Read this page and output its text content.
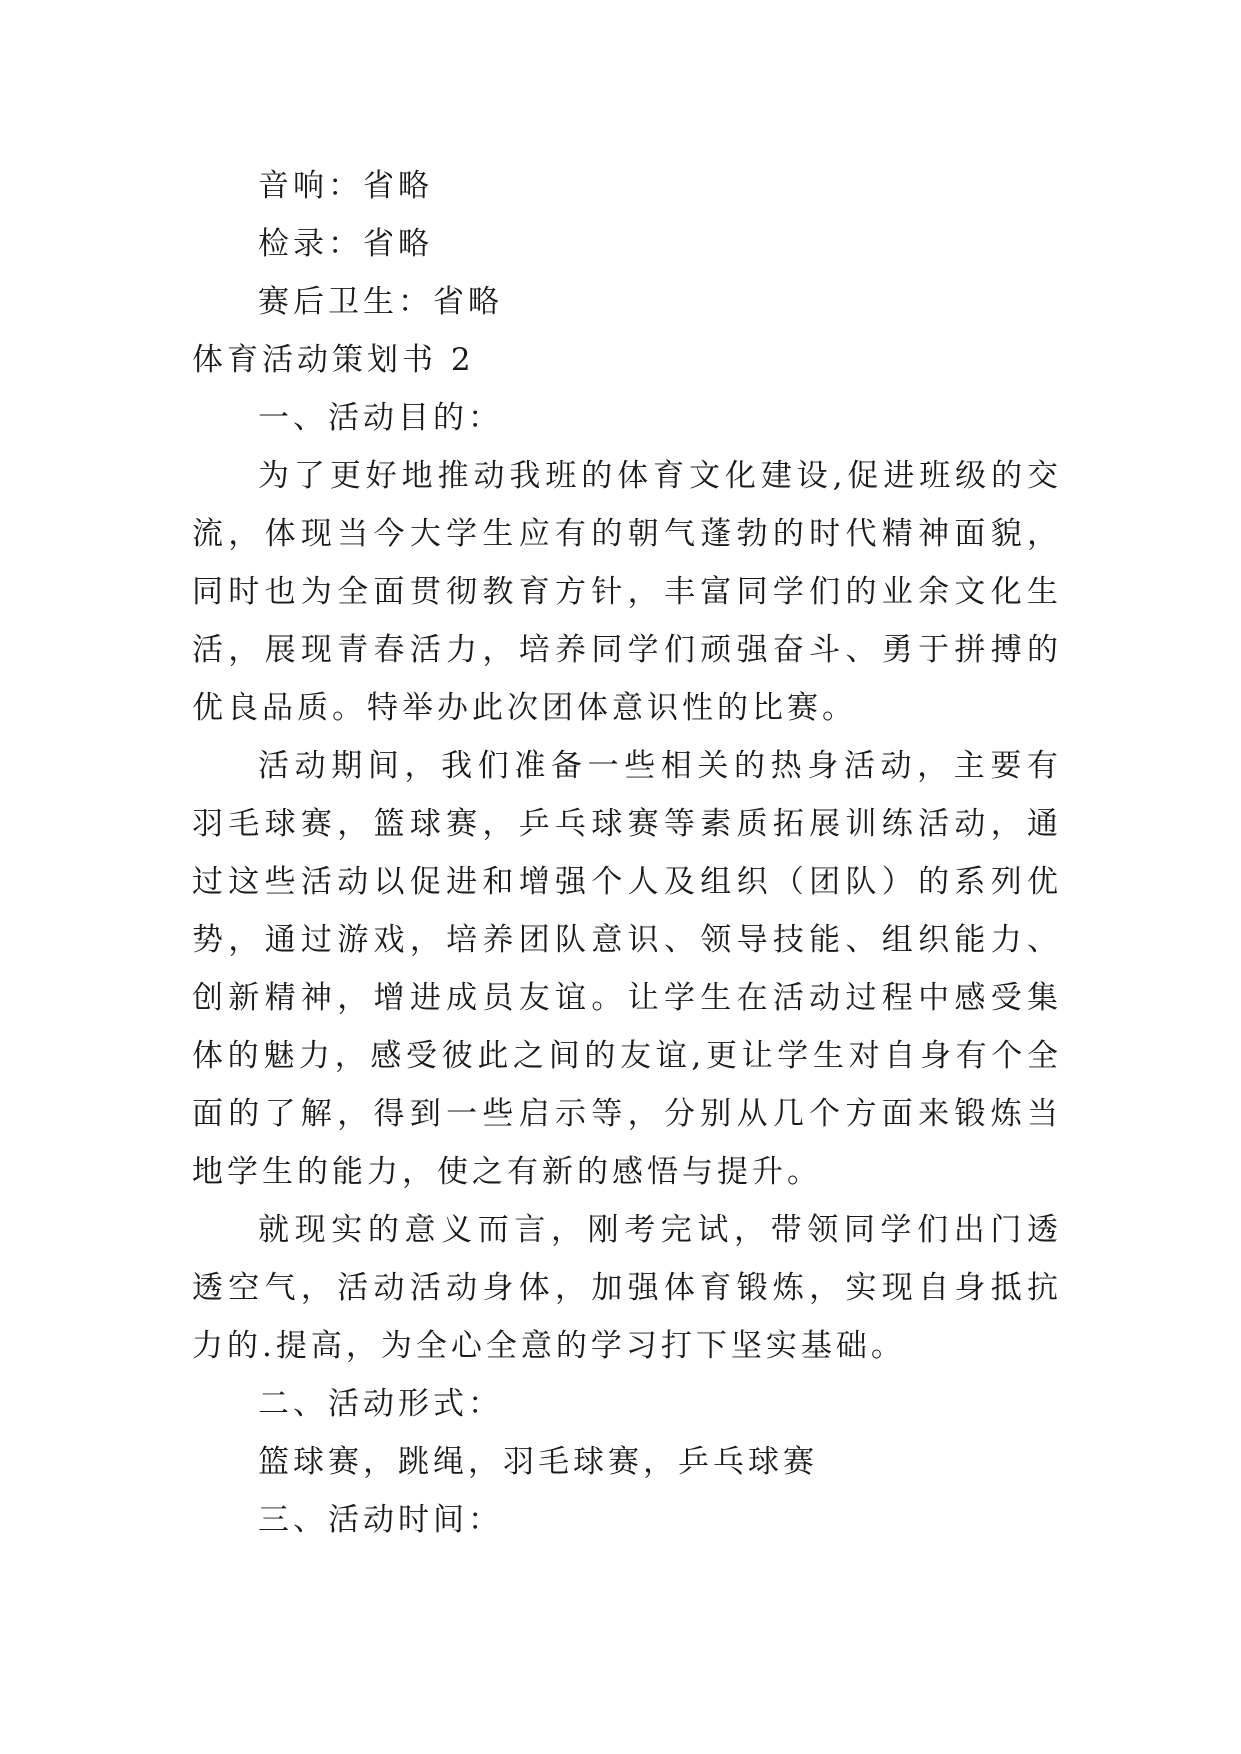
音响：省略

检录：省略

赛后卫生：省略

体育活动策划书 2

一、活动目的：

为了更好地推动我班的体育文化建设,促进班级的交流，体现当今大学生应有的朝气蓬勃的时代精神面貌，同时也为全面贯彻教育方针，丰富同学们的业余文化生活，展现青春活力，培养同学们顽强奋斗、勇于拼搏的优良品质。特举办此次团体意识性的比赛。

活动期间，我们准备一些相关的热身活动，主要有羽毛球赛，篮球赛，乒乓球赛等素质拓展训练活动，通过这些活动以促进和增强个人及组织（团队）的系列优势，通过游戏，培养团队意识、领导技能、组织能力、创新精神，增进成员友谊。让学生在活动过程中感受集体的魅力，感受彼此之间的友谊,更让学生对自身有个全面的了解，得到一些启示等，分别从几个方面来锻炼当地学生的能力，使之有新的感悟与提升。

就现实的意义而言，刚考完试，带领同学们出门透透空气，活动活动身体，加强体育锻炼，实现自身抵抗力的.提高，为全心全意的学习打下坚实基础。

二、活动形式：

篮球赛，跳绳，羽毛球赛，乒乓球赛

三、活动时间：
